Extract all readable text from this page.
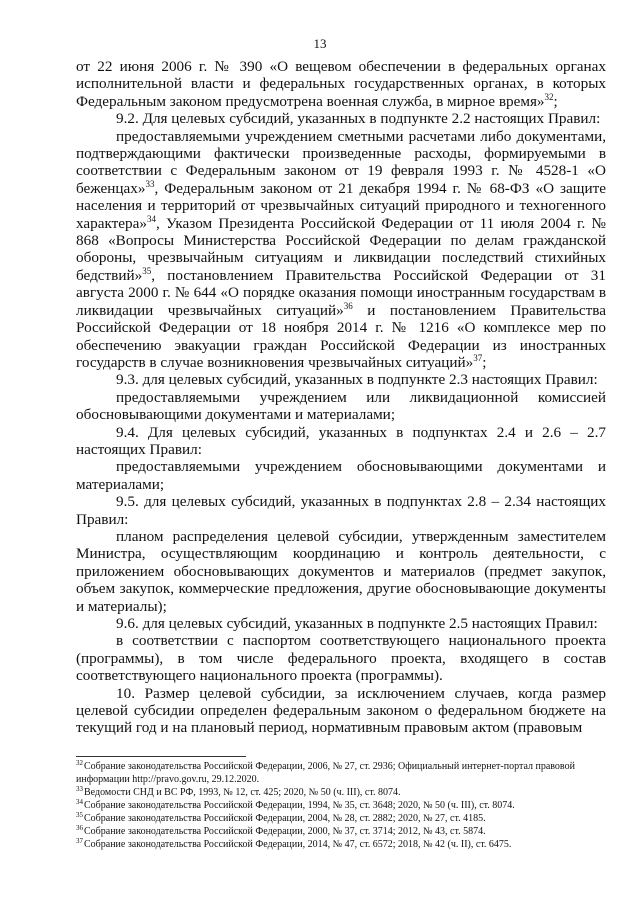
13

от 22 июня 2006 г. № 390 «О вещевом обеспечении в федеральных органах исполнительной власти и федеральных государственных органах, в которых Федеральным законом предусмотрена военная служба, в мирное время»$^{32}$;

9.2. Для целевых субсидий, указанных в подпункте 2.2 настоящих Правил:

предоставляемыми учреждением сметными расчетами либо документами, подтверждающими фактически произведенные расходы, формируемыми в соответствии с Федеральным законом от 19 февраля 1993 г. № 4528-1 «О беженцах»$^{33}$, Федеральным законом от 21 декабря 1994 г. № 68-ФЗ «О защите населения и территорий от чрезвычайных ситуаций природного и техногенного характера»$^{34}$, Указом Президента Российской Федерации от 11 июля 2004 г. № 868 «Вопросы Министерства Российской Федерации по делам гражданской обороны, чрезвычайным ситуациям и ликвидации последствий стихийных бедствий»$^{35}$, постановлением Правительства Российской Федерации от 31 августа 2000 г. № 644 «О порядке оказания помощи иностранным государствам в ликвидации чрезвычайных ситуаций»$^{36}$ и постановлением Правительства Российской Федерации от 18 ноября 2014 г. № 1216 «О комплексе мер по обеспечению эвакуации граждан Российской Федерации из иностранных государств в случае возникновения чрезвычайных ситуаций»$^{37}$;

9.3. для целевых субсидий, указанных в подпункте 2.3 настоящих Правил:

предоставляемыми учреждением или ликвидационной комиссией обосновывающими документами и материалами;

9.4. Для целевых субсидий, указанных в подпунктах 2.4 и 2.6 – 2.7 настоящих Правил:

предоставляемыми учреждением обосновывающими документами и материалами;

9.5. для целевых субсидий, указанных в подпунктах 2.8 – 2.34 настоящих Правил:

планом распределения целевой субсидии, утвержденным заместителем Министра, осуществляющим координацию и контроль деятельности, с приложением обосновывающих документов и материалов (предмет закупок, объем закупок, коммерческие предложения, другие обосновывающие документы и материалы);

9.6. для целевых субсидий, указанных в подпункте 2.5 настоящих Правил:

в соответствии с паспортом соответствующего национального проекта (программы), в том числе федерального проекта, входящего в состав соответствующего национального проекта (программы).

10. Размер целевой субсидии, за исключением случаев, когда размер целевой субсидии определен федеральным законом о федеральном бюджете на текущий год и на плановый период, нормативным правовым актом (правовым

$^{32}$Собрание законодательства Российской Федерации, 2006, № 27, ст. 2936; Официальный интернет-портал правовой информации http://pravo.gov.ru, 29.12.2020.

$^{33}$Ведомости СНД и ВС РФ, 1993, № 12, ст. 425; 2020, № 50 (ч. III), ст. 8074.

$^{34}$Собрание законодательства Российской Федерации, 1994, № 35, ст. 3648; 2020, № 50 (ч. III), ст. 8074.

$^{35}$Собрание законодательства Российской Федерации, 2004, № 28, ст. 2882; 2020, № 27, ст. 4185.

$^{36}$Собрание законодательства Российской Федерации, 2000, № 37, ст. 3714; 2012, № 43, ст. 5874.

$^{37}$Собрание законодательства Российской Федерации, 2014, № 47, ст. 6572; 2018, № 42 (ч. II), ст. 6475.
